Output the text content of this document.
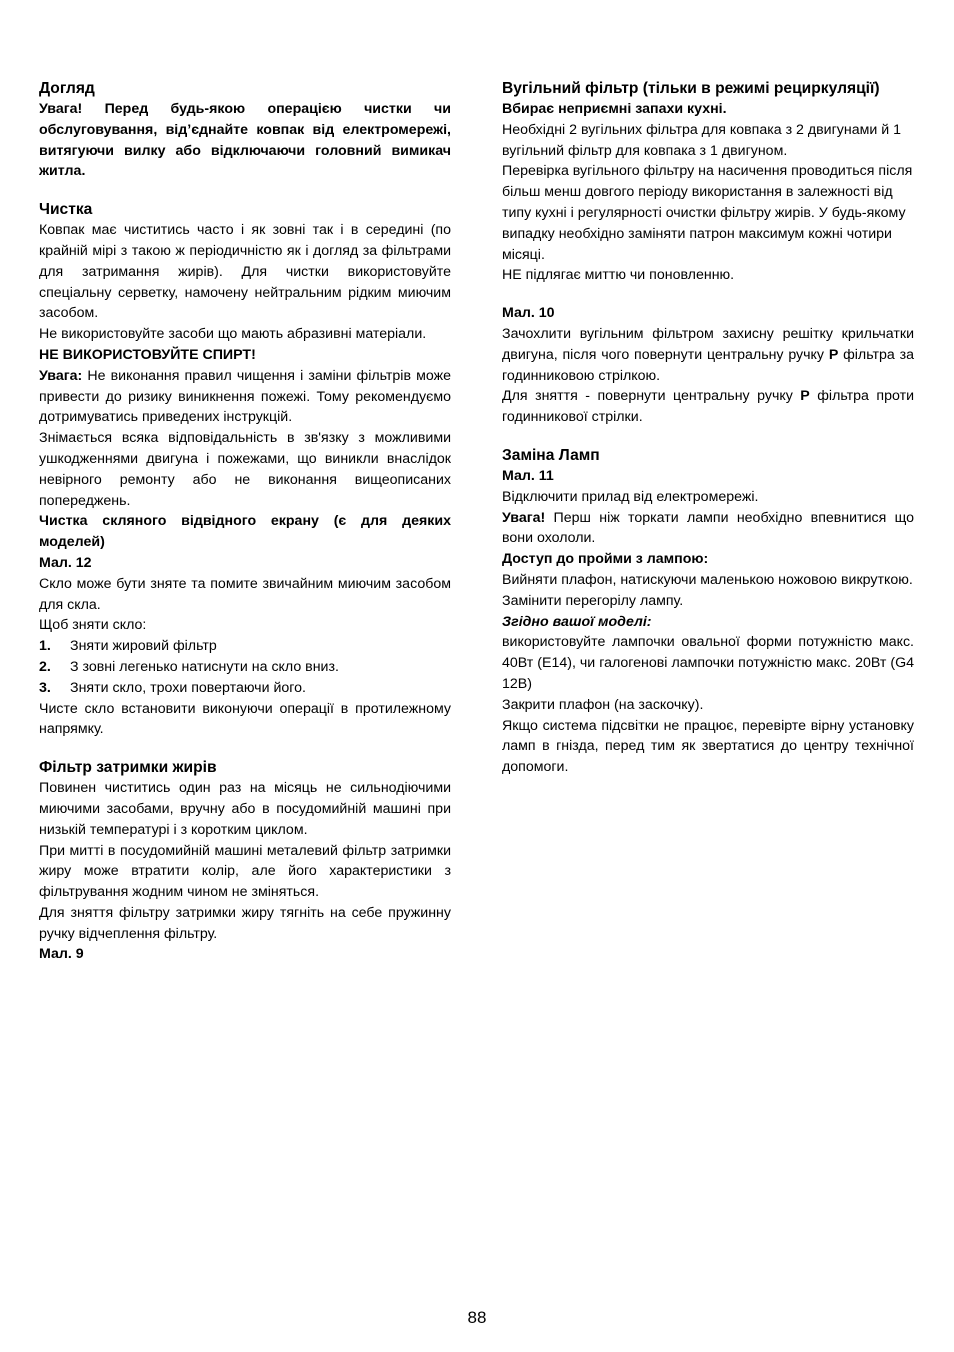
Догляд

Увага! Перед будь-якою операцією чистки чи обслуговування, від’єднайте ковпак від електромережі, витягуючи вилку або відключаючи головний вимикач житла.

Чистка

Ковпак має чиститись часто і як зовні так і в середині (по крайній мірі з такою ж періодичністю як і догляд за фільтрами для затримання жирів). Для чистки використовуйте спеціальну серветку, намочену нейтральним рідким миючим засобом.

Не використовуйте засоби що мають абразивні матеріали.

НЕ ВИКОРИСТОВУЙТЕ СПИРТ!

Увага: Не виконання правил чищення і заміни фільтрів може привести до ризику виникнення пожежі. Тому рекомендуємо дотримуватись приведених інструкцій.

Знімається всяка відповідальність в зв'язку з можливими ушкодженнями двигуна і пожежами, що виникли внаслідок невірного ремонту або не виконання вищеописаних попереджень.

Чистка скляного відвідного екрану (є для деяких моделей)

Мал. 12

Скло може бути зняте та помите звичайним миючим засобом для скла.

Щоб зняти скло:

1.	Зняти жировий фільтр
2.	З зовні легенько натиснути на скло вниз.
3.	Зняти скло, трохи повертаючи його.

Чисте скло встановити виконуючи операції в протилежному напрямку.

Фільтр затримки жирів

Повинен чиститись один раз на місяць не сильнодіючими миючими засобами, вручну або в посудомийній машині при низькій температурі і з коротким циклом.

При митті в посудомийній машині металевий фільтр затримки жиру може втратити колір, але його характеристики з фільтрування жодним чином не зміняться.

Для зняття фільтру затримки жиру тягніть на себе пружинну ручку відчеплення фільтру.

Мал. 9

Вугільний фільтр (тільки в режимі рециркуляції)

Вбирає неприємні запахи кухні.

Необхідні 2 вугільних фільтра для ковпака з 2 двигунами й 1 вугільний фільтр для ковпака з 1 двигуном.

Перевірка вугільного фільтру на насичення проводиться після більш менш довгого періоду використання в залежності від типу кухні і регулярності очистки фільтру жирів. У будь-якому випадку необхідно заміняти патрон максимум кожні чотири місяці.

НЕ підлягає миттю чи поновленню.

Мал. 10

Зачохлити вугільним фільтром захисну решітку крильчатки двигуна, після чого повернути центральну ручку P фільтра за годинниковою стрілкою.

Для зняття - повернути центральну ручку P фільтра проти годинникової стрілки.

Заміна Ламп

Мал. 11

Відключити прилад від електромережі.

Увага! Перш ніж торкати лампи необхідно впевнитися що вони охололи.

Доступ до пройми з лампою:

Вийняти плафон, натискуючи маленькою ножовою викруткою.

Замінити перегорілу лампу.

Згідно вашої моделі:

використовуйте лампочки овальної форми потужністю макс. 40Вт (E14), чи галогенові лампочки потужністю макс. 20Вт (G4 12В)

Закрити плафон (на заскочку).

Якщо система підсвітки не працює, перевірте вірну установку ламп в гнізда, перед тим як звертатися до центру технічної допомоги.

88
